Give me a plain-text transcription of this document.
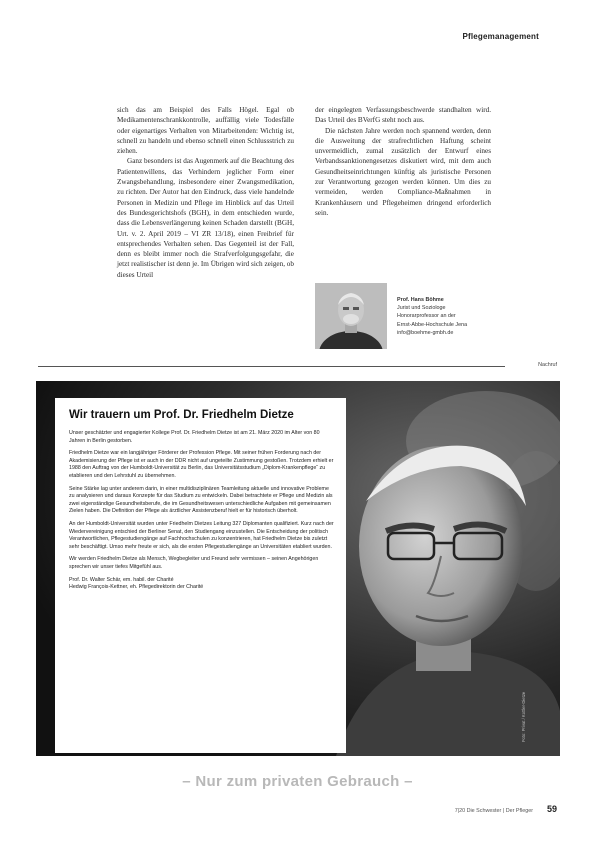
Pflegemanagement

sich das am Beispiel des Falls Högel. Egal ob Medikamentenschrankkontrolle, auffällig viele Todesfälle oder eigenartiges Verhalten von Mitarbeitenden: Wichtig ist, schnell zu handeln und ebenso schnell einen Schlussstrich zu ziehen.

Ganz besonders ist das Augenmerk auf die Beachtung des Patientenwillens, das Verhindern jeglicher Form einer Zwangsbehandlung, insbesondere einer Zwangsmedikation, zu richten. Der Autor hat den Eindruck, dass viele handelnde Personen in Medizin und Pflege im Hinblick auf das Urteil des Bundesgerichtshofs (BGH), in dem entschieden wurde, dass die Lebensverlängerung keinen Schaden darstellt (BGH, Urt. v. 2. April 2019 – VI ZR 13/18), einen Freibrief für entsprechendes Verhalten sehen. Das Gegenteil ist der Fall, denn es bleibt immer noch die Strafverfolgungsgefahr, die jetzt realistischer ist denn je. Im Übrigen wird sich zeigen, ob dieses Urteil

der eingelegten Verfassungsbeschwerde standhalten wird. Das Urteil des BVerfG steht noch aus.

Die nächsten Jahre werden noch spannend werden, denn die Ausweitung der strafrechtlichen Haftung scheint unvermeidlich, zumal zusätzlich der Entwurf eines Verbandssanktionengesetzes diskutiert wird, mit dem auch Gesundheitseinrichtungen künftig als juristische Personen zur Verantwortung gezogen werden können. Um dies zu vermeiden, werden Compliance-Maßnahmen in Krankenhäusern und Pflegeheimen dringend erforderlich sein.

Prof. Hans Böhme
Jurist und Soziologe
Honorarprofessor an der
Ernst-Abbe-Hochschule Jena
info@boehme-gmbh.de
Nachruf
Wir trauern um Prof. Dr. Friedhelm Dietze

Unser geschätzter und engagierter Kollege Prof. Dr. Friedhelm Dietze ist am 21. März 2020 im Alter von 80 Jahren in Berlin gestorben.

Friedhelm Dietze war ein langjähriger Förderer der Profession Pflege. Mit seiner frühen Forderung nach der Akademisierung der Pflege ist er auch in der DDR nicht auf ungeteilte Zustimmung gestoßen. Trotzdem erhielt er 1988 den Auftrag von der Humboldt-Universität zu Berlin, das Universitätsstudium „Diplom-Krankenpflege“ zu etablieren und den Lehrstuhl zu übernehmen.

Seine Stärke lag unter anderem darin, in einer multidisziplinären Teamleitung aktuelle und innovative Probleme zu analysieren und daraus Konzepte für das Studium zu entwickeln. Dabei betrachtete er Pflege und Medizin als zwei eigenständige Gesundheitsberufe, die im Gesundheitswesen unterschiedliche Aufgaben mit gemeinsamen Zielen haben. Die Definition der Pflege als ärztlicher Assistenzberuf hielt er für historisch überholt.

An der Humboldt-Universität wurden unter Friedhelm Dietzes Leitung 327 Diplomanten qualifiziert. Kurz nach der Wiedervereinigung entschied der Berliner Senat, den Studiengang einzustellen. Die Entscheidung der politisch Verantwortlichen, Pflegestudiengänge auf Fachhochschulen zu konzentrieren, hat Friedhelm Dietze bis zuletzt sehr beschäftigt. Umso mehr freute er sich, als die ersten Pflegestudiengänge an Universitäten etabliert wurden.

Wir werden Friedhelm Dietze als Mensch, Wegbegleiter und Freund sehr vermissen – seinen Angehörigen sprechen wir unser tiefes Mitgefühl aus.

Prof. Dr. Walter Schär, em. habil. der Charité
Hedwig François-Kettner, eh. Pflegedirektorin der Charité
Foto: Privat / Kottler-Dietze
– Nur zum privaten Gebrauch –
7|20 Die Schwester | Der Pfleger 59
